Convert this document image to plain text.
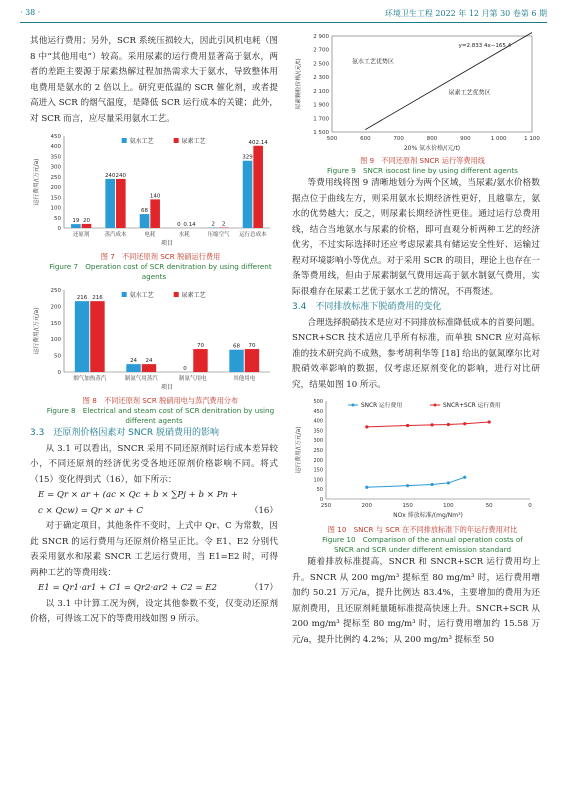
· 38 ·	环境卫生工程 2022 年 12 月第 30 卷第 6 期

其他运行费用；另外，SCR 系统压损较大，因此引风机电耗（图 8 中“其他用电”）较高。采用尿素的运行费用显著高于氨水，两者的差距主要源于尿素热解过程加热需求大于氨水，导致整体用电费用是氨水的 2 倍以上。研究更低温的 SCR 催化剂，或者提高进入 SCR 的烟气温度，是降低 SCR 运行成本的关键；此外，对 SCR 而言，应尽量采用氨水工艺。

0
50
100
150
200
250
300
350
400
450
还原剂
19 20
蒸汽成本
240 240
电耗
68
140
水耗
0 0.14
压缩空气
2 2
运行总成本
329
402.14
项目
运行费用/(万元/a)
氨水工艺	尿素工艺

图 7　不同还原剂 SCR 脱硝运行费用

Figure 7　Operation cost of SCR denitration by using different agents

0
50
100
150
200
250
烟气加热蒸汽
216 216
制氨气用蒸汽
24 24
制氨气用电
0
70
其他用电
68 70
项目
运行费用/(万元/a)
氨水工艺	尿素工艺

图 8　不同还原剂 SCR 脱硝用电与蒸汽费用分布

Figure 8　Electrical and steam cost of SCR denitration by using different agents

3.3　还原剂价格因素对 SNCR 脱硝费用的影响

从 3.1 可以看出，SNCR 采用不同还原剂时运行成本差异较小，不同还原剂的经济优劣受各地还原剂价格影响不同。将式（15）变化得到式（16），如下所示：

E = Qr × ar + (ac × Qc + b × ∑Pj + b × Pn +

c × Qcw) = Qr × ar + C	（16）

对于确定项目，其他条件不变时，上式中 Qr、C 为常数，因此 SNCR 的运行费用与还原剂价格呈正比。令 E1、E2 分别代表采用氨水和尿素 SNCR 工艺运行费用，当 E1=E2 时，可得两种工艺的等费用线：

E1 = Qr1·ar1 + C1 = Qr2·ar2 + C2 = E2	（17）

以 3.1 中计算工况为例，设定其他参数不变，仅变动还原剂价格，可得该工况下的等费用线如图 9 所示。

1 500
1 700
1 900
2 100
2 300
2 500
2 700
2 900
500	600	700	800	900	1 000	1 100
y=2.833 4x−165.4
氨水工艺优势区
尿素工艺优势区
20% 氨水价格/(元/t)
尿素颗粒价格/(元/t)

图 9　不同还原剂 SNCR 运行等费用线

Figure 9　SNCR isocost line by using different agents

等费用线将图 9 清晰地划分为两个区域，当尿素/氨水价格数据点位于曲线左方，则采用氨水长期经济性更好，且越靠左，氨水的优势越大；反之，则尿素长期经济性更佳。通过运行总费用线，结合当地氨水与尿素的价格，即可直观分析两种工艺的经济优劣，不过实际选择时还应考虑尿素具有储运安全性好、运输过程对环境影响小等优点。对于采用 SCR 的项目，理论上也存在一条等费用线，但由于尿素制氨气费用远高于氨水制氨气费用，实际很难存在尿素工艺优于氨水工艺的情况，不再赘述。

3.4　不同排放标准下脱硝费用的变化

合理选择脱硝技术是应对不同排放标准降低成本的首要问题。SNCR+SCR 技术适应几乎所有标准，而单独 SNCR 应对高标准的技术研究尚不成熟，参考胡利华等 [18] 给出的氨氮摩尔比对脱硝效率影响的数据，仅考虑还原剂变化的影响，进行对比研究，结果如图 10 所示。

0
50
100
150
200
250
300
350
400
450
500
250	200	150	100	50	0
SNCR 运行费用	SNCR+SCR 运行费用
NOx 排放标准/(mg/Nm³)
运行费用/(万元/a)

图 10　SNCR 与 SCR 在不同排放标准下的年运行费用对比

Figure 10　Comparison of the annual operation costs of

SNCR and SCR under different emission standard

随着排放标准提高，SNCR 和 SNCR+SCR 运行费用均上升。SNCR 从 200 mg/m³ 提标至 80 mg/m³ 时，运行费用增加约 50.21 万元/a，提升比例达 83.4%，主要增加的费用为还原剂费用，且还原剂耗量随标准提高快速上升。SNCR+SCR 从 200 mg/m³ 提标至 80 mg/m³ 时，运行费用增加约 15.58 万元/a，提升比例约 4.2%；从 200 mg/m³ 提标至 50
